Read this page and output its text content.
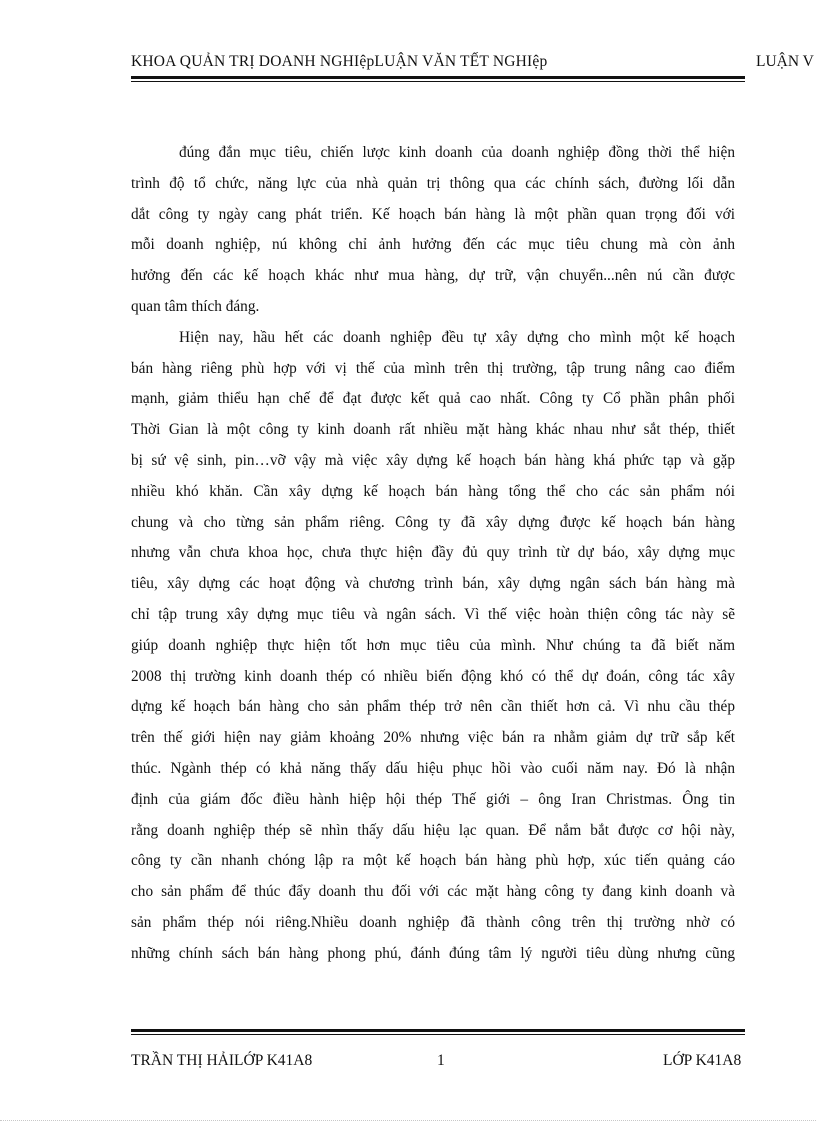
KHOA QUẢN TRỊ DOANH NGHIệpLUẬN VĂN TẾT NGHIệp	LUẬN V
đúng đắn mục tiêu, chiến lược kinh doanh của doanh nghiệp đồng thời thể hiện
trình độ tổ chức, năng lực của nhà quản trị thông qua các chính sách, đường lối dẫn
dắt công ty ngày cang phát triển. Kế hoạch bán hàng là một phần quan trọng đối với
mỗi doanh nghiệp, nú không chỉ ảnh hưởng đến các mục tiêu chung mà còn ảnh
hưởng đến các kế hoạch khác như mua hàng, dự trữ, vận chuyển...nên nú cần được
quan tâm thích đáng.
Hiện nay, hầu hết các doanh nghiệp đều tự xây dựng cho mình một kế hoạch
bán hàng riêng phù hợp với vị thế của mình trên thị trường, tập trung nâng cao điểm
mạnh, giảm thiểu hạn chế để đạt được kết quả cao nhất. Công ty Cổ phần phân phối
Thời Gian là một công ty kinh doanh rất nhiều mặt hàng khác nhau như sắt thép, thiết
bị sứ vệ sinh, pin…vỡ vậy mà việc xây dựng kế hoạch bán hàng khá phức tạp và gặp
nhiều khó khăn. Cần xây dựng kế hoạch bán hàng tổng thể cho các sản phẩm nói
chung và cho từng sản phẩm riêng. Công ty đã xây dựng được kế hoạch bán hàng
nhưng vẫn chưa khoa học, chưa thực hiện đầy đủ quy trình từ dự báo, xây dựng mục
tiêu, xây dựng các hoạt động và chương trình bán, xây dựng ngân sách bán hàng mà
chỉ tập trung xây dựng mục tiêu và ngân sách. Vì thế việc hoàn thiện công tác này sẽ
giúp doanh nghiệp thực hiện tốt hơn mục tiêu của mình. Như chúng ta đã biết năm
2008 thị trường kinh doanh thép có nhiều biến động khó có thể dự đoán, công tác xây
dựng kế hoạch bán hàng cho sản phẩm thép trở nên cần thiết hơn cả. Vì nhu cầu thép
trên thế giới hiện nay giảm khoảng 20% nhưng việc bán ra nhằm giảm dự trữ sắp kết
thúc. Ngành thép có khả năng thấy dấu hiệu phục hồi vào cuối năm nay. Đó là nhận
định của giám đốc điều hành hiệp hội thép Thế giới – ông Iran Christmas. Ông tin
rằng doanh nghiệp thép sẽ nhìn thấy dấu hiệu lạc quan. Để nắm bắt được cơ hội này,
công ty cần nhanh chóng lập ra một kế hoạch bán hàng phù hợp, xúc tiến quảng cáo
cho sản phẩm để thúc đẩy doanh thu đối với các mặt hàng công ty đang kinh doanh và
sản phẩm thép nói riêng.Nhiều doanh nghiệp đã thành công trên thị trường nhờ có
những chính sách bán hàng phong phú, đánh đúng tâm lý người tiêu dùng nhưng cũng
TRẦN THỊ HẢILỚP K41A8	1	LỚP K41A8
